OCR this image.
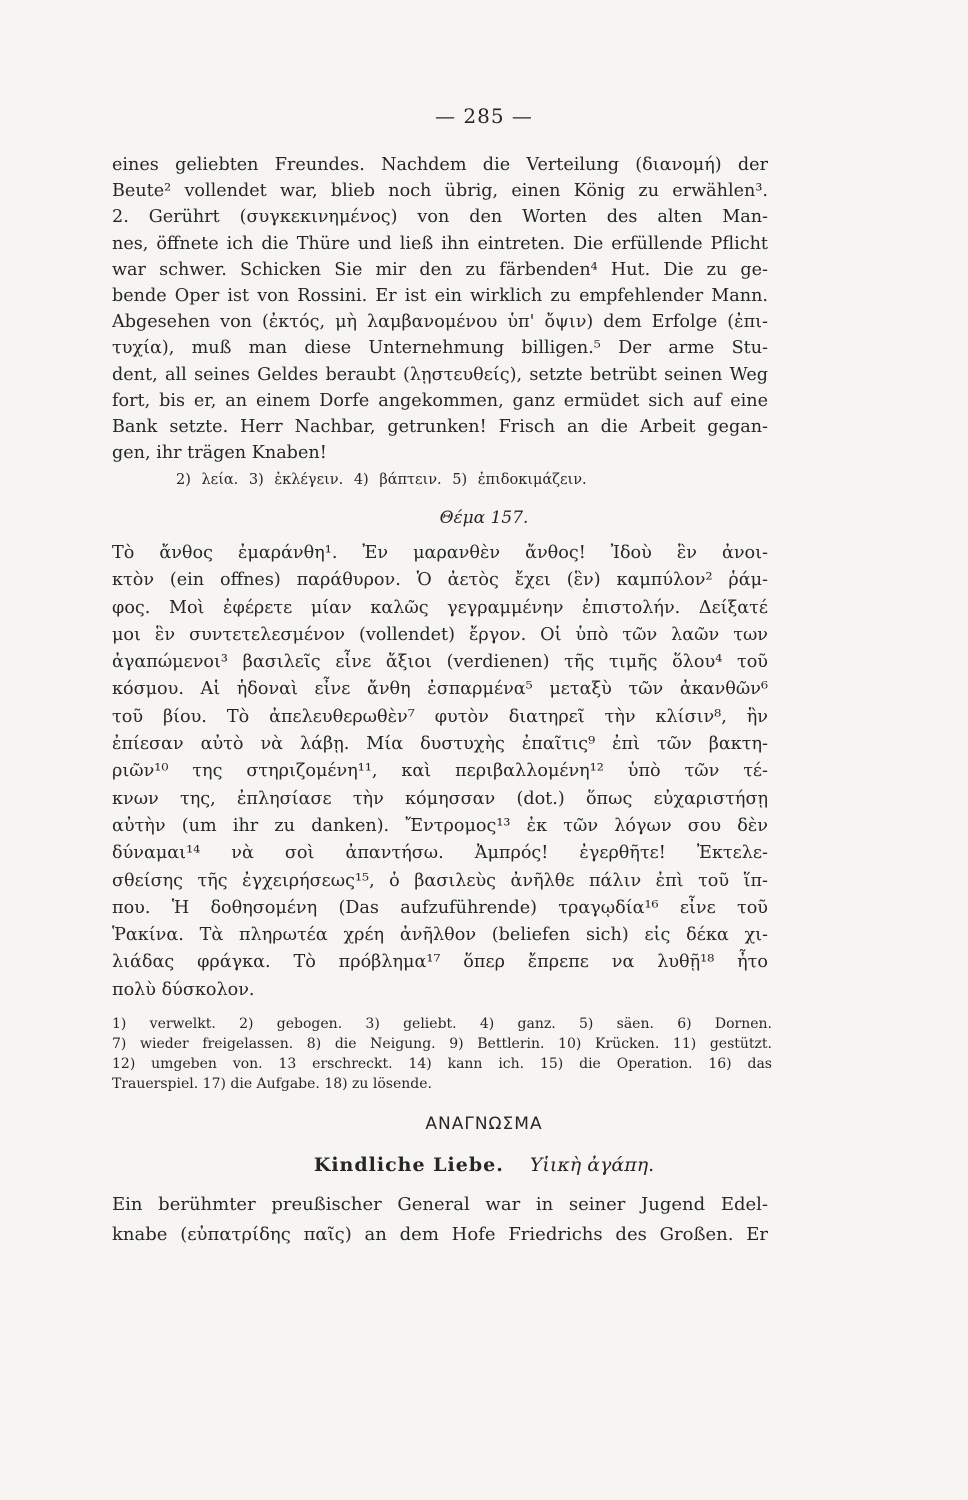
— 285 —
eines geliebten Freundes. Nachdem die Verteilung (διανομή) der
Beute² vollendet war, blieb noch übrig, einen König zu erwählen³.
2. Gerührt (συγκεκινημένος) von den Worten des alten Man-
nes, öffnete ich die Thüre und ließ ihn eintreten. Die erfüllende Pflicht
war schwer. Schicken Sie mir den zu färbenden⁴ Hut. Die zu ge-
bende Oper ist von Rossini. Er ist ein wirklich zu empfehlender Mann.
Abgesehen von (ἐκτός, μὴ λαμβανομένου ὑπ' ὄψιν) dem Erfolge (ἐπι-
τυχία), muß man diese Unternehmung billigen.⁵ Der arme Stu-
dent, all seines Geldes beraubt (λῃστευθείς), setzte betrübt seinen Weg
fort, bis er, an einem Dorfe angekommen, ganz ermüdet sich auf eine
Bank setzte. Herr Nachbar, getrunken! Frisch an die Arbeit gegan-
gen, ihr trägen Knaben!
2) λεία. 3) ἐκλέγειν. 4) βάπτειν. 5) ἐπιδοκιμάζειν.
Θέμα 157.
Τὸ ἄνθος ἐμαράνθη¹. Ἐν μαρανθὲν ἄνθος! Ἰδοὺ ἓν ἀνοι-
κτὸν (ein offnes) παράθυρον. Ὁ ἀετὸς ἔχει (ἓν) καμπύλον² ῥάμ-
φος. Μοὶ ἐφέρετε μίαν καλῶς γεγραμμένην ἐπιστολήν. Δείξατέ
μοι ἓν συντετελεσμένον (vollendet) ἔργον. Οἱ ὑπὸ τῶν λαῶν των
ἀγαπώμενοι³ βασιλεῖς εἶνε ἄξιοι (verdienen) τῆς τιμῆς ὅλου⁴ τοῦ
κόσμου. Αἱ ἡδοναὶ εἶνε ἄνθη ἐσπαρμένα⁵ μεταξὺ τῶν ἀκανθῶν⁶
τοῦ βίου. Τὸ ἀπελευθερωθὲν⁷ φυτὸν διατηρεῖ τὴν κλίσιν⁸, ἣν
ἐπίεσαν αὐτὸ νὰ λάβῃ. Μία δυστυχὴς ἐπαῖτις⁹ ἐπὶ τῶν βακτη-
ριῶν¹⁰ της στηριζομένη¹¹, καὶ περιβαλλομένη¹² ὑπὸ τῶν τέ-
κνων της, ἐπλησίασε τὴν κόμησσαν (dot.) ὅπως εὐχαριστήσῃ
αὐτὴν (um ihr zu danken). Ἔντρομος¹³ ἐκ τῶν λόγων σου δὲν
δύναμαι¹⁴ νὰ σοὶ ἀπαντήσω. Ἀμπρός! ἐγερθῆτε! Ἐκτελε-
σθείσης τῆς ἐγχειρήσεως¹⁵, ὁ βασιλεὺς ἀνῆλθε πάλιν ἐπὶ τοῦ ἵπ-
που. Ἡ δοθησομένη (Das aufzuführende) τραγῳδία¹⁶ εἶνε τοῦ
Ῥακίνα. Τὰ πληρωτέα χρέη ἀνῆλθον (beliefen sich) εἰς δέκα χι-
λιάδας φράγκα. Τὸ πρόβλημα¹⁷ ὅπερ ἔπρεπε να λυθῇ¹⁸ ἦτο
πολὺ δύσκολον.
1) verwelkt. 2) gebogen. 3) geliebt. 4) ganz. 5) säen. 6) Dornen.
7) wieder freigelassen. 8) die Neigung. 9) Bettlerin. 10) Krücken. 11) gestützt.
12) umgeben von. 13 erschreckt. 14) kann ich. 15) die Operation. 16) das
Trauerspiel. 17) die Aufgabe. 18) zu lösende.
ΑΝΑΓΝΩΣΜΑ
Kindliche Liebe. Υἱικὴ ἀγάπη.
Ein berühmter preußischer General war in seiner Jugend Edel-
knabe (εὐπατρίδης παῖς) an dem Hofe Friedrichs des Großen. Er
